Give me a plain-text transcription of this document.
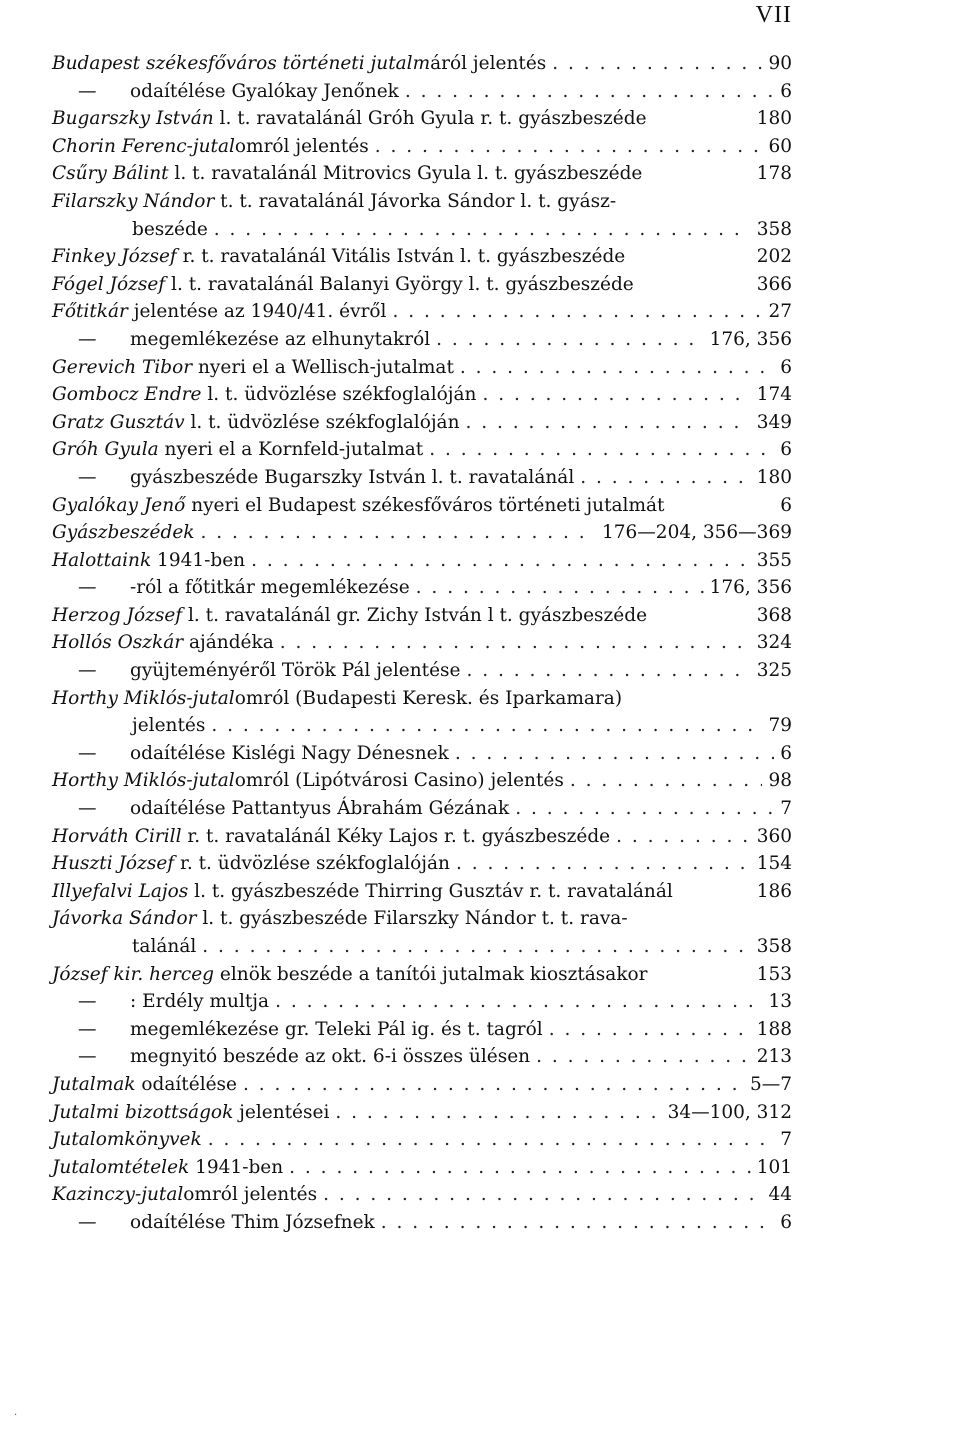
VII
Budapest székesfőváros történeti jutalmáról jelentés . . .	90
— odaítélése Gyalókay Jenőnek . . .	6
Bugarszky István l. t. ravatalánál Gróh Gyula r. t. gyászbeszéde	180
Chorin Ferenc-jutalomról jelentés . . .	60
Csűry Bálint l. t. ravatalánál Mitrovics Gyula l. t. gyászbeszéde	178
Filarszky Nándor t. t. ravatalánál Jávorka Sándor l. t. gyász-
beszéde . . .	358
Finkey József r. t. ravatalánál Vitális István l. t. gyászbeszéde	202
Fógel József l. t. ravatalánál Balanyi György l. t. gyászbeszéde	366
Főtitkár jelentése az 1940/41. évről . . .	27
— megemlékezése az elhunytakról . . .	176, 356
Gerevich Tibor nyeri el a Wellisch-jutalmat . . .	6
Gombocz Endre l. t. üdvözlése székfoglalóján . . .	174
Gratz Gusztáv l. t. üdvözlése székfoglalóján . . .	349
Gróh Gyula nyeri el a Kornfeld-jutalmat . . .	6
— gyászbeszéde Bugarszky István l. t. ravatalánál . . .	180
Gyalókay Jenő nyeri el Budapest székesfőváros történeti jutalmát	6
Gyászbeszédek . . .	176—204, 356—369
Halottaink 1941-ben . . .	355
— -ról a főtitkár megemlékezése . . .	176, 356
Herzog József l. t. ravatalánál gr. Zichy István l t. gyászbeszéde	368
Hollós Oszkár ajándéka . . .	324
— gyüjteményéről Török Pál jelentése . . .	325
Horthy Miklós-jutalomról (Budapesti Keresk. és Iparkamara)
jelentés . . .	79
— odaítélése Kislégi Nagy Dénesnek . . .	6
Horthy Miklós-jutalomról (Lipótvárosi Casino) jelentés . . .	98
— odaítélése Pattantyus Ábrahám Gézának . . .	7
Horváth Cirill r. t. ravatalánál Kéky Lajos r. t. gyászbeszéde . . .	360
Huszti József r. t. üdvözlése székfoglalóján . . .	154
Illyefalvi Lajos l. t. gyászbeszéde Thirring Gusztáv r. t. ravatalánál	186
Jávorka Sándor l. t. gyászbeszéde Filarszky Nándor t. t. rava-
talánál . . .	358
József kir. herceg elnök beszéde a tanítói jutalmak kiosztásakor	153
— : Erdély multja . . .	13
— megemlékezése gr. Teleki Pál ig. és t. tagról . . .	188
— megnyitó beszéde az okt. 6-i összes ülésen . . .	213
Jutalmak odaítélése . . .	5—7
Jutalmi bizottságok jelentései . . .	34—100, 312
Jutalomkönyvek . . .	7
Jutalomtételek 1941-ben . . .	101
Kazinczy-jutalomról jelentés . . .	44
— odaítélése Thim Józsefnek . . .	6
·
